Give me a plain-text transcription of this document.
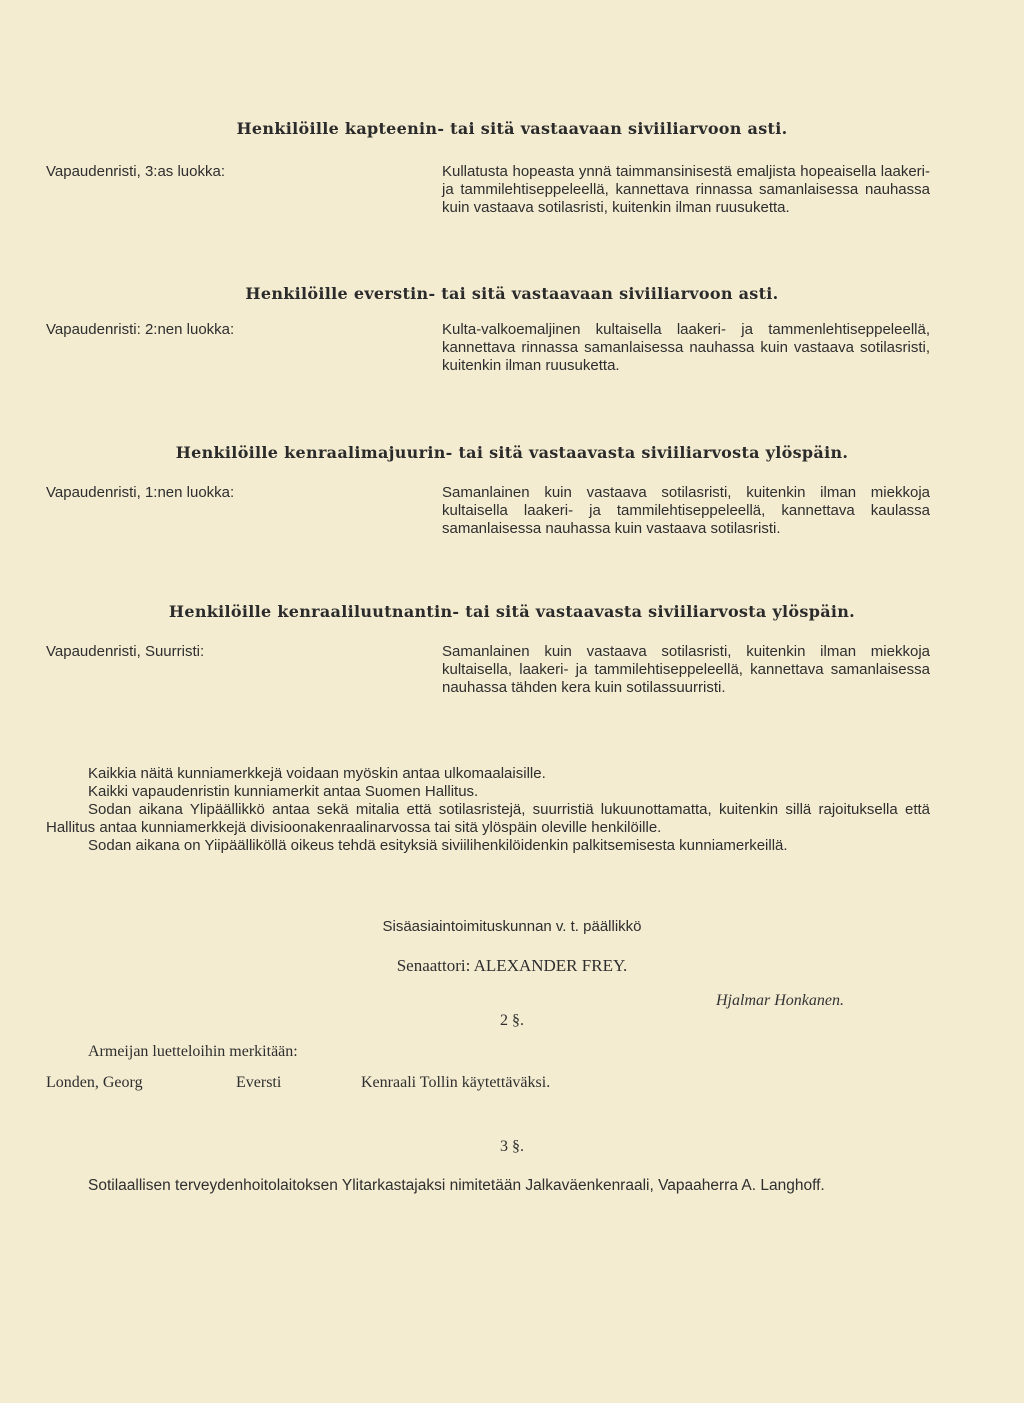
Henkilöille kapteenin- tai sitä vastaavaan siviiliarvoon asti.
Vapaudenristi, 3:as luokka:	Kullatusta hopeasta ynnä taimmansinisestä emaljista hopeaisella laakeri- ja tammilehtiseppeleellä, kannettava rinnassa samanlaisessa nauhassa kuin vastaava sotilasristi, kuitenkin ilman ruusuketta.
Henkilöille everstin- tai sitä vastaavaan siviiliarvoon asti.
Vapaudenristi: 2:nen luokka:	Kulta-valkoemaljinen kultaisella laakeri- ja tammenlehtiseppeleellä, kannettava rinnassa samanlaisessa nauhassa kuin vastaava sotilasristi, kuitenkin ilman ruusuketta.
Henkilöille kenraalimajuurin- tai sitä vastaavasta siviiliarvosta ylöspäin.
Vapaudenristi, 1:nen luokka:	Samanlainen kuin vastaava sotilasristi, kuitenkin ilman miekkoja kultaisella laakeri- ja tammilehtiseppeleellä, kannettava kaulassa samanlaisessa nauhassa kuin vastaava sotilasristi.
Henkilöille kenraaliluutnantin- tai sitä vastaavasta siviiliarvosta ylöspäin.
Vapaudenristi, Suurristi:	Samanlainen kuin vastaava sotilasristi, kuitenkin ilman miekkoja kultaisella, laakeri- ja tammilehtiseppeleellä, kannettava samanlaisessa nauhassa tähden kera kuin sotilassuurristi.

Kaikkia näitä kunniamerkkejä voidaan myöskin antaa ulkomaalaisille.

Kaikki vapaudenristin kunniamerkit antaa Suomen Hallitus.

Sodan aikana Ylipäällikkö antaa sekä mitalia että sotilasristejä, suurristiä lukuunottamatta, kuitenkin sillä rajoituksella että Hallitus antaa kunniamerkkejä divisioonakenraalinarvossa tai sitä ylöspäin oleville henkilöille.

Sodan aikana on Yiipäälliköllä oikeus tehdä esityksiä siviilihenkilöidenkin palkitsemisesta kunniamerkeillä.

Sisäasiaintoimituskunnan v. t. päällikkö
Senaattori: ALEXANDER FREY.
Hjalmar Honkanen.
2 §.

Armeijan luetteloihin merkitään:

Londen, Georg	Eversti	Kenraali Tollin käytettäväksi.
3 §.

Sotilaallisen terveydenhoitolaitoksen Ylitarkastajaksi nimitetään Jalkaväenkenraali, Vapaaherra A. Langhoff.
